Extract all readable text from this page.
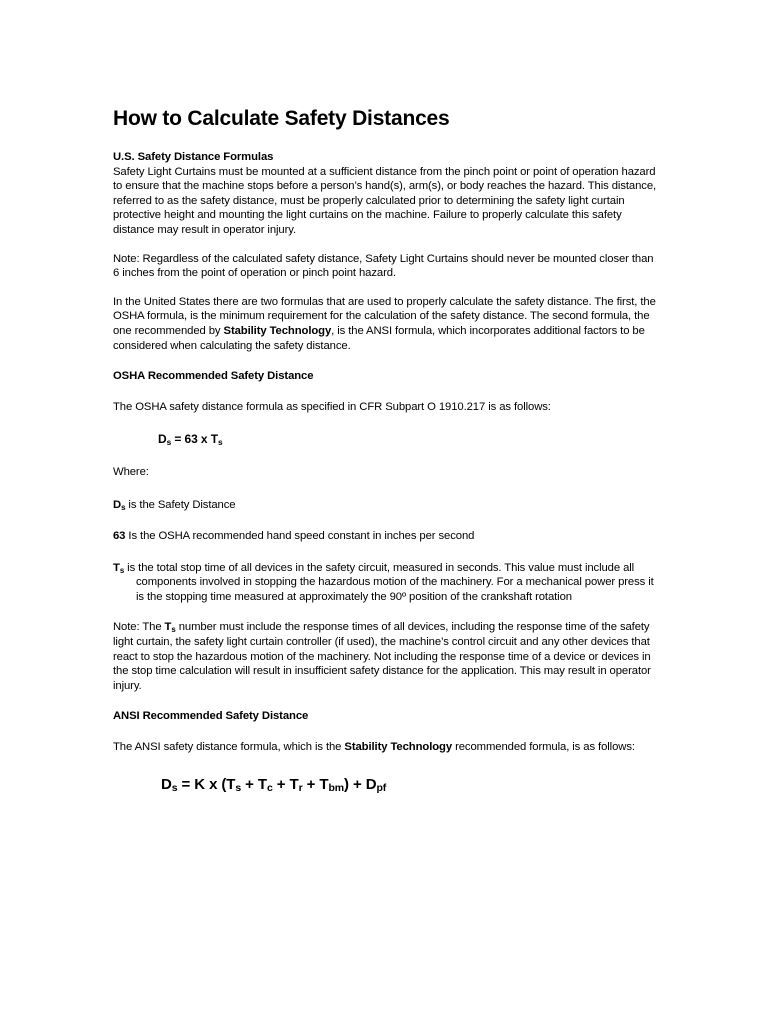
How to Calculate Safety Distances

U.S. Safety Distance Formulas

Safety Light Curtains must be mounted at a sufficient distance from the pinch point or point of operation hazard to ensure that the machine stops before a person’s hand(s), arm(s), or body reaches the hazard. This distance, referred to as the safety distance, must be properly calculated prior to determining the safety light curtain protective height and mounting the light curtains on the machine. Failure to properly calculate this safety distance may result in operator injury.

Note: Regardless of the calculated safety distance, Safety Light Curtains should never be mounted closer than 6 inches from the point of operation or pinch point hazard.

In the United States there are two formulas that are used to properly calculate the safety distance. The first, the OSHA formula, is the minimum requirement for the calculation of the safety distance. The second formula, the one recommended by Stability Technology, is the ANSI formula, which incorporates additional factors to be considered when calculating the safety distance.

OSHA Recommended Safety Distance

The OSHA safety distance formula as specified in CFR Subpart O 1910.217 is as follows:

$D_s = 63$ x $T_s$

Where:

$D_s$ is the Safety Distance

63 Is the OSHA recommended hand speed constant in inches per second

$T_s$ is the total stop time of all devices in the safety circuit, measured in seconds. This value must include all components involved in stopping the hazardous motion of the machinery. For a mechanical power press it is the stopping time measured at approximately the 90º position of the crankshaft rotation

Note: The $T_s$ number must include the response times of all devices, including the response time of the safety light curtain, the safety light curtain controller (if used), the machine’s control circuit and any other devices that react to stop the hazardous motion of the machinery. Not including the response time of a device or devices in the stop time calculation will result in insufficient safety distance for the application. This may result in operator injury.

ANSI Recommended Safety Distance

The ANSI safety distance formula, which is the Stability Technology recommended formula, is as follows:

$D_s = K$ x $(T_s + T_c + T_r + T_{bm}) + D_{pf}$
